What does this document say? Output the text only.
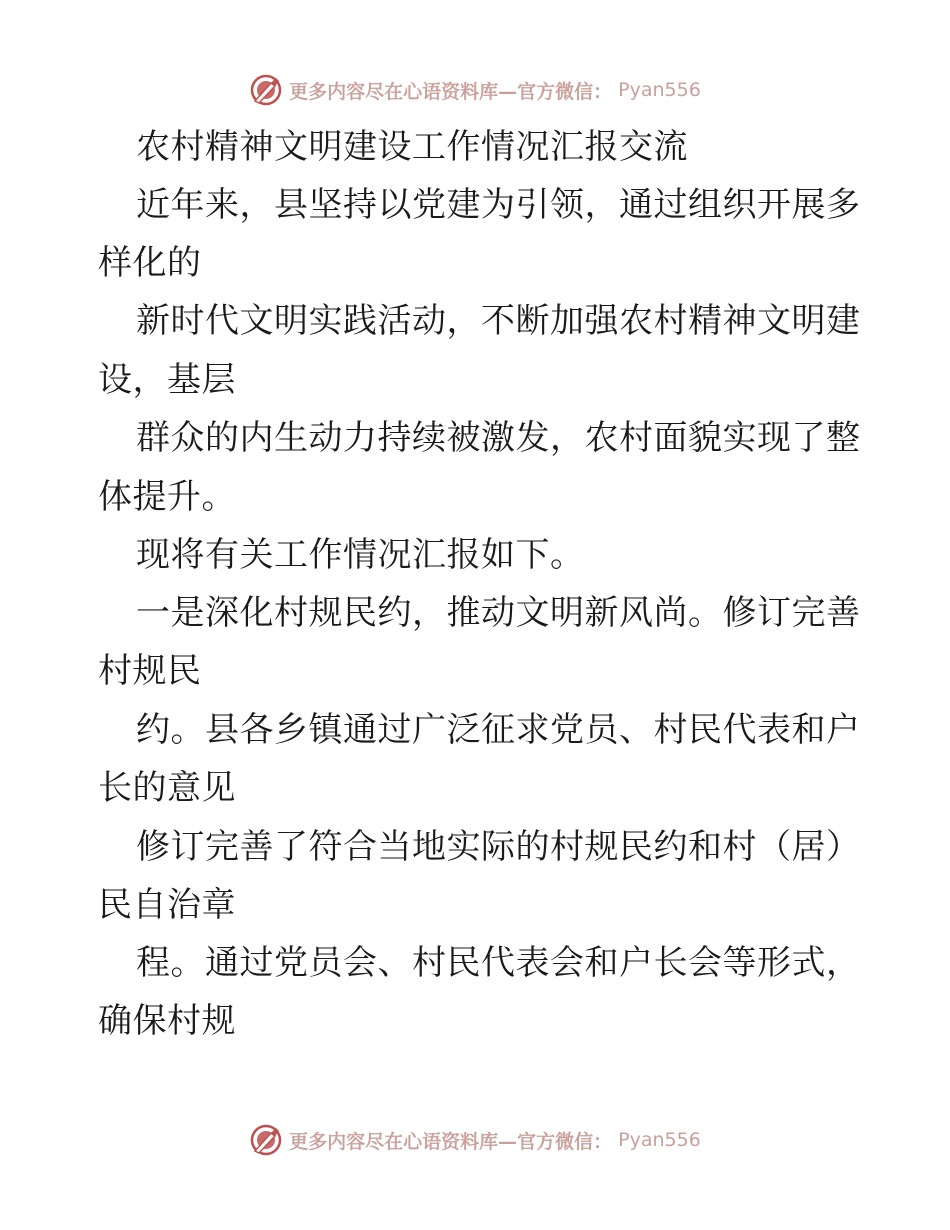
更多内容尽在心语资料库—官方微信： Pyan556
农村精神文明建设工作情况汇报交流
近年来，县坚持以党建为引领，通过组织开展多
样化的
新时代文明实践活动，不断加强农村精神文明建
设，基层
群众的内生动力持续被激发，农村面貌实现了整
体提升。
现将有关工作情况汇报如下。
一是深化村规民约，推动文明新风尚。修订完善
村规民
约。县各乡镇通过广泛征求党员、村民代表和户
长的意见
修订完善了符合当地实际的村规民约和村（居）
民自治章
程。通过党员会、村民代表会和户长会等形式，
确保村规
更多内容尽在心语资料库—官方微信： Pyan556
